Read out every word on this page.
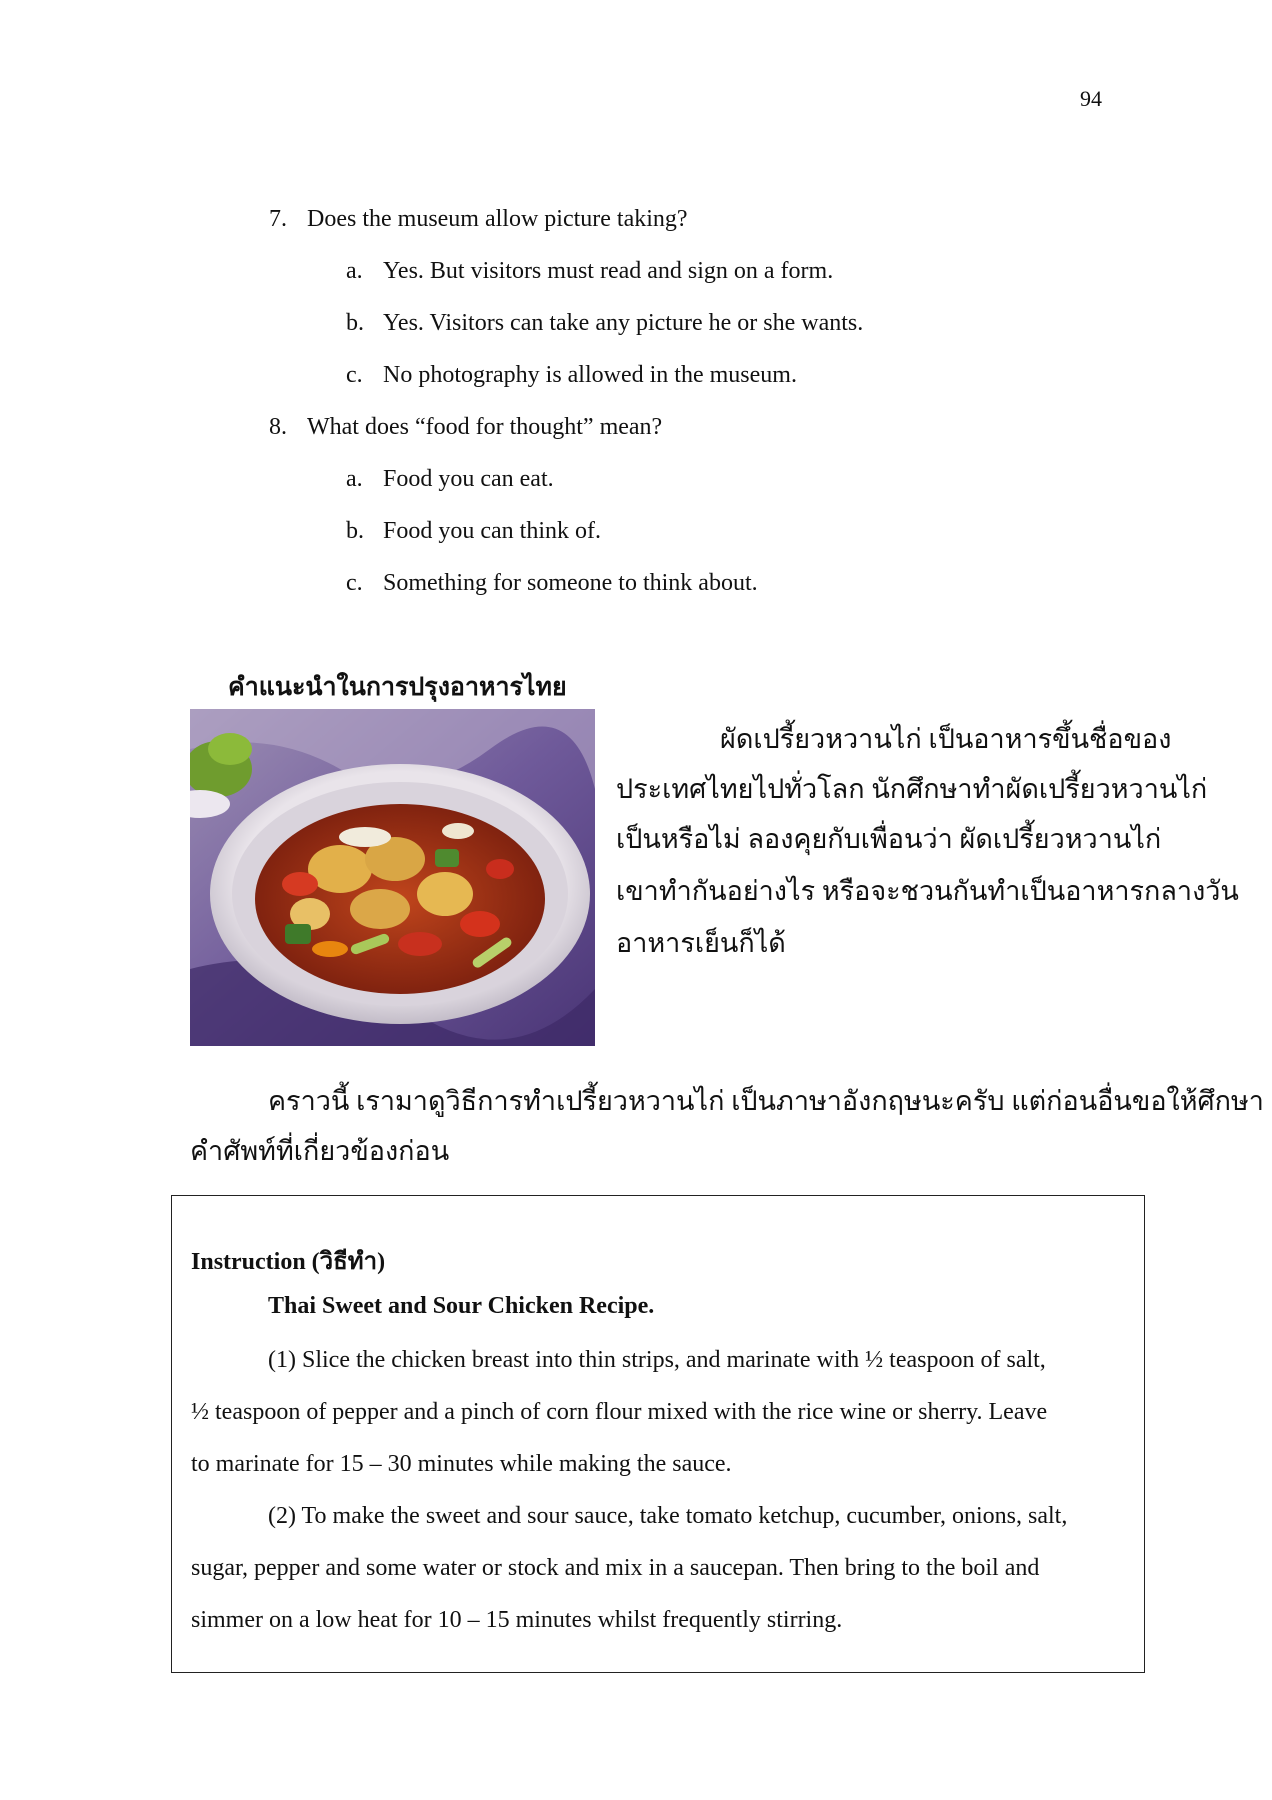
94
7. Does the museum allow picture taking?
a. Yes. But visitors must read and sign on a form.
b. Yes. Visitors can take any picture he or she wants.
c. No photography is allowed in the museum.
8. What does “food for thought” mean?
a. Food you can eat.
b. Food you can think of.
c. Something for someone to think about.
คำแนะนำในการปรุงอาหารไทย
ผัดเปรี้ยวหวานไก่ เป็นอาหารขึ้นชื่อของ
ประเทศไทยไปทั่วโลก นักศึกษาทำผัดเปรี้ยวหวานไก่
เป็นหรือไม่ ลองคุยกับเพื่อนว่า ผัดเปรี้ยวหวานไก่
เขาทำกันอย่างไร หรือจะชวนกันทำเป็นอาหารกลางวัน
อาหารเย็นก็ได้
คราวนี้ เรามาดูวิธีการทำเปรี้ยวหวานไก่ เป็นภาษาอังกฤษนะครับ แต่ก่อนอื่นขอให้ศึกษา
คำศัพท์ที่เกี่ยวข้องก่อน
Instruction (วิธีทำ)
Thai Sweet and Sour Chicken Recipe.
(1) Slice the chicken breast into thin strips, and marinate with ½ teaspoon of salt,
½ teaspoon of pepper and a pinch of corn flour mixed with the rice wine or sherry. Leave
to marinate for 15 – 30 minutes while making the sauce.
(2) To make the sweet and sour sauce, take tomato ketchup, cucumber, onions, salt,
sugar, pepper and some water or stock and mix in a saucepan. Then bring to the boil and
simmer on a low heat for 10 – 15 minutes whilst frequently stirring.
